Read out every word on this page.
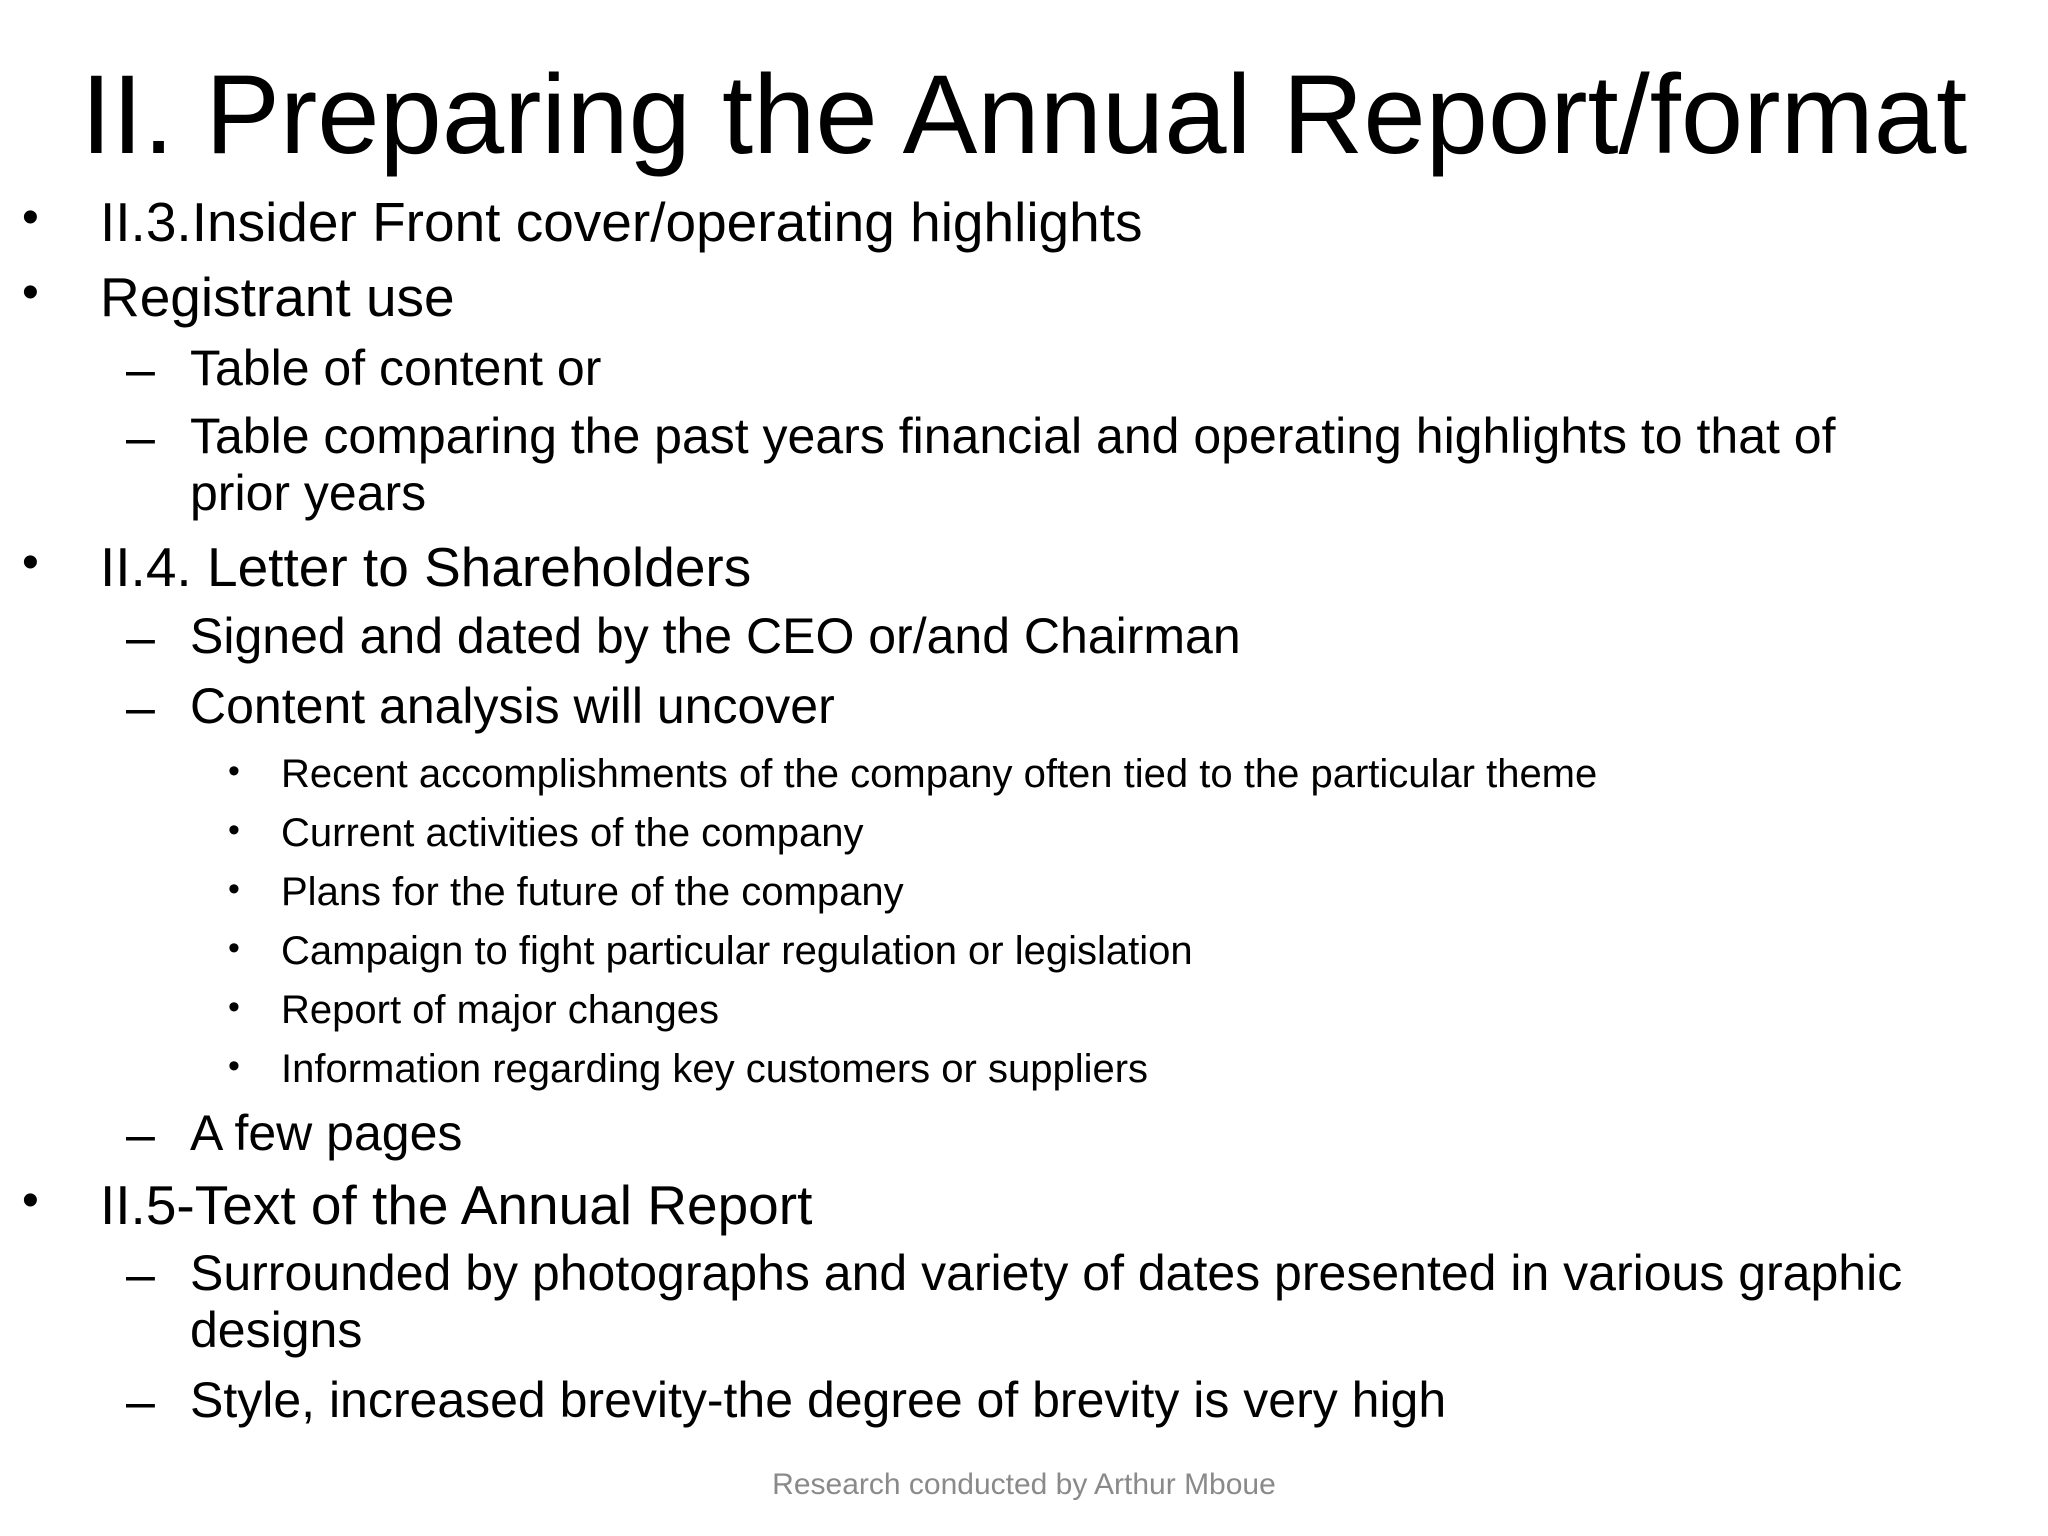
II. Preparing the Annual Report/format
• II.3.Insider Front cover/operating highlights
• Registrant use
– Table of content or
– Table comparing the past years financial and operating highlights to that of
prior years
• II.4. Letter to Shareholders
– Signed and dated by the CEO or/and Chairman
– Content analysis will uncover
• Recent accomplishments of the company often tied to the particular theme
• Current activities of the company
• Plans for the future of the company
• Campaign to fight particular regulation or legislation
• Report of major changes
• Information regarding key customers or suppliers
– A few pages
• II.5-Text of the Annual Report
– Surrounded by photographs and variety of dates presented in various graphic
designs
– Style, increased brevity-the degree of brevity is very high
Research conducted by Arthur Mboue
